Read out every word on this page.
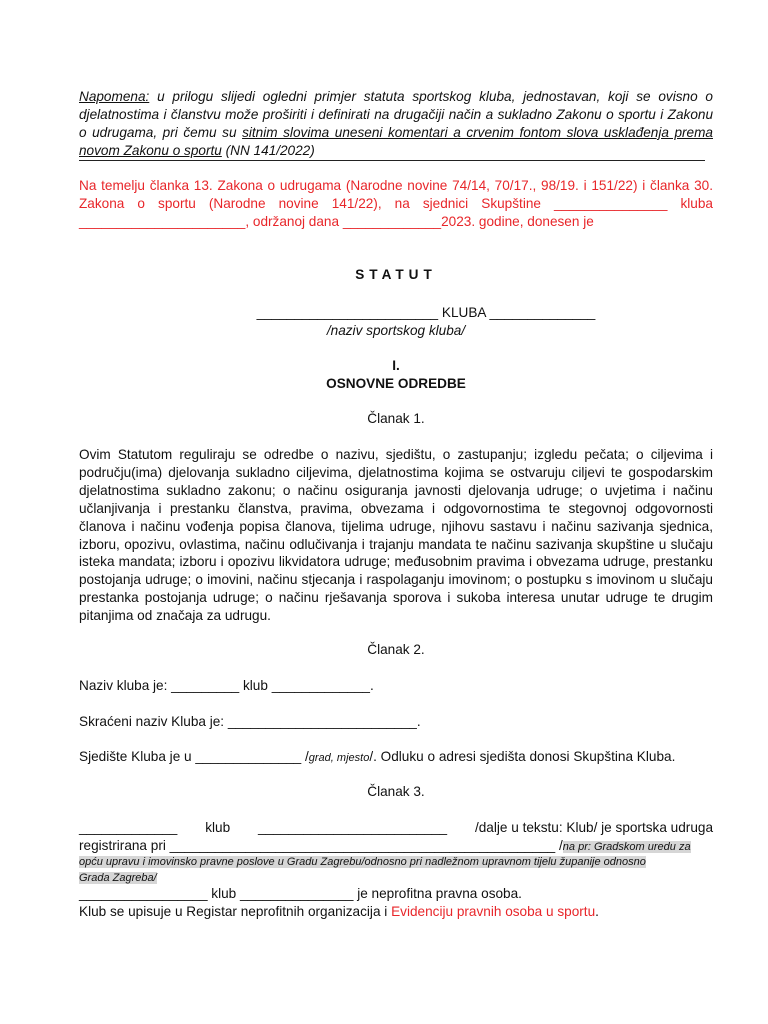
Napomena: u prilogu slijedi ogledni primjer statuta sportskog kluba, jednostavan, koji se ovisno o djelatnostima i članstvu može proširiti i definirati na drugačiji način a sukladno Zakonu o sportu i Zakonu o udrugama, pri čemu su sitnim slovima uneseni komentari a crvenim fontom slova usklađenja prema novom Zakonu o sportu (NN 141/2022)
Na temelju članka 13. Zakona o udrugama (Narodne novine 74/14, 70/17., 98/19. i 151/22) i članka 30. Zakona o sportu (Narodne novine 141/22), na sjednici Skupštine _______________ kluba ______________________, održanoj dana _____________2023. godine, donesen je
STATUT
________________________ KLUBA ______________
/naziv sportskog kluba/
I.
OSNOVNE ODREDBE
Članak 1.
Ovim Statutom reguliraju se odredbe o nazivu, sjedištu, o zastupanju; izgledu pečata; o ciljevima i području(ima) djelovanja sukladno ciljevima, djelatnostima kojima se ostvaruju ciljevi te gospodarskim djelatnostima sukladno zakonu; o načinu osiguranja javnosti djelovanja udruge; o uvjetima i načinu učlanjivanja i prestanku članstva, pravima, obvezama i odgovornostima te stegovnoj odgovornosti članova i načinu vođenja popisa članova, tijelima udruge, njihovu sastavu i načinu sazivanja sjednica, izboru, opozivu, ovlastima, načinu odlučivanja i trajanju mandata te načinu sazivanja skupštine u slučaju isteka mandata; izboru i opozivu likvidatora udruge; međusobnim pravima i obvezama udruge, prestanku postojanja udruge; o imovini, načinu stjecanja i raspolaganju imovinom; o postupku s imovinom u slučaju prestanka postojanja udruge; o načinu rješavanja sporova i sukoba interesa unutar udruge te drugim pitanjima od značaja za udrugu.
Članak 2.
Naziv kluba je: _________ klub _____________.
Skraćeni naziv Kluba je: _________________________.
Sjedište Kluba je u ______________ /grad, mjesto/. Odluku o adresi sjedišta donosi Skupština Kluba.
Članak 3.
_____________ klub _________________________ /dalje u tekstu: Klub/ je sportska udruga
registrirana pri ___________________________________________________ /na pr: Gradskom uredu za
opću upravu i imovinsko pravne poslove u Gradu Zagrebu/odnosno pri nadležnom upravnom tijelu županije odnosno
Grada Zagreba/
_________________ klub _______________ je neprofitna pravna osoba.
Klub se upisuje u Registar neprofitnih organizacija i Evidenciju pravnih osoba u sportu.
